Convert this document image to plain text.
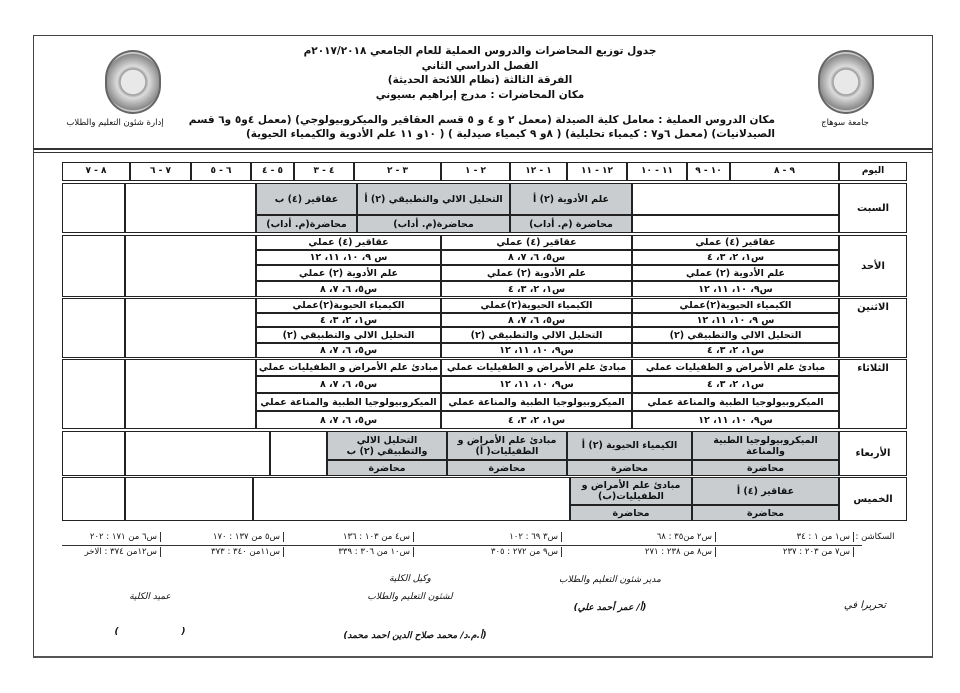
إدارة شئون التعليم والطلاب	جامعة سوهاج
جدول توزيع المحاضرات والدروس العملية للعام الجامعي ٢٠١٧/٢٠١٨م
الفصل الدراسي الثاني
الفرقة الثالثة (نظام اللائحة الحديثة)
مكان المحاضرات : مدرج إبراهيم بسيوني
مكان الدروس العملية : معامل كلية الصيدلة (معمل ٢ و ٤ و ٥ قسم العقاقير والميكروبيولوجي) (معمل ٤و٥ و٦ قسم
الصيدلانيات) (معمل ٦و٧ : كيمياء تحليلية) ( ٨و ٩ كيمياء صيدلية ) ( ١٠و ١١ علم الأدوية والكيمياء الحيوية)
اليوم
٩ - ٨
١٠ - ٩
١١ - ١٠
١٢ - ١١
١ - ١٢
٢ - ١
٣ - ٢
٤ - ٣
٥ - ٤
٦ - ٥
٧ - ٦
٨ - ٧
السبت
علم الأدوية (٢) أ
محاضرة (م. أداب)
التحليل الالي والتطبيقي (٢) أ
محاضرة(م. أداب)
عقاقير (٤) ب
محاضرة(م. أداب)
الأحد
عقاقير (٤) عملي
س١، ٢، ٣، ٤
علم الأدوية (٢) عملي
س٩، ١٠، ١١، ١٢
عقاقير (٤) عملي
س٥، ٦، ٧، ٨
علم الأدوية (٢) عملي
س١، ٢، ٣، ٤
عقاقير (٤) عملي
س ٩، ١٠، ١١، ١٢
علم الأدوية (٢) عملي
س٥، ٦، ٧، ٨
الاثنين
الكيمياء الحيوية(٢)عملي
س ٩، ١٠، ١١، ١٢
التحليل الالي والتطبيقي (٢)
س١، ٢، ٣، ٤
الكيمياء الحيوية(٢)عملي
س٥، ٦، ٧، ٨
التحليل الالي والتطبيقي (٢)
س٩، ١٠، ١١، ١٢
الكيمياء الحيوية(٢)عملي
س١، ٢، ٣، ٤
التحليل الالي والتطبيقي (٢)
س٥، ٦، ٧، ٨
الثلاثاء
مبادئ علم الأمراض و الطفيليات عملي
س١، ٢، ٣، ٤
الميكروبيولوجيا الطبية والمناعة عملي
س٩، ١٠، ١١، ١٢
مبادئ علم الأمراض و الطفيليات عملي
س٩، ١٠، ١١، ١٢
الميكروبيولوجيا الطبية والمناعة عملي
س١، ٢، ٣، ٤
مبادئ علم الأمراض و الطفيليات عملي
س٥، ٦، ٧، ٨
الميكروبيولوجيا الطبية والمناعة عملي
س٥، ٦، ٧، ٨
الأربعاء
الميكروبيولوجيا الطبية والمناعة
محاضرة
الكيمياء الحيوية (٢) أ
محاضرة
مبادئ علم الأمراض و الطفيليات( أ)
محاضرة
التحليل الالي والتطبيقي (٢) ب
محاضرة
الخميس
عقاقير (٤) أ
محاضرة
مبادئ علم الأمراض و الطفيليات(ب)
محاضرة
السكاشن :
س١ من ١ : ٣٤
س٢ من٣٥ : ٦٨
س٣ ٦٩ : ١٠٢
س٤ من ١٠٣ : ١٣٦
س٥ من ١٣٧ : ١٧٠
س٦ من ١٧١ : ٢٠٢
س٧ من ٢٠٣ : ٢٣٧
س٨ من ٢٣٨ : ٢٧١
س٩ من ٢٧٢ : ٣٠٥
س١٠ من ٣٠٦ : ٣٣٩
س١١من ٣٤٠ : ٣٧٣
س١٢من ٣٧٤ : الاخر
تحريرا في
مدير شئون التعليم والطلاب
(أ/ عمر أحمد علي)
وكيل الكلية
لشئون التعليم والطلاب
(أ.م.د/ محمد صلاح الدين احمد محمد)
عميد الكلية
(                    )
